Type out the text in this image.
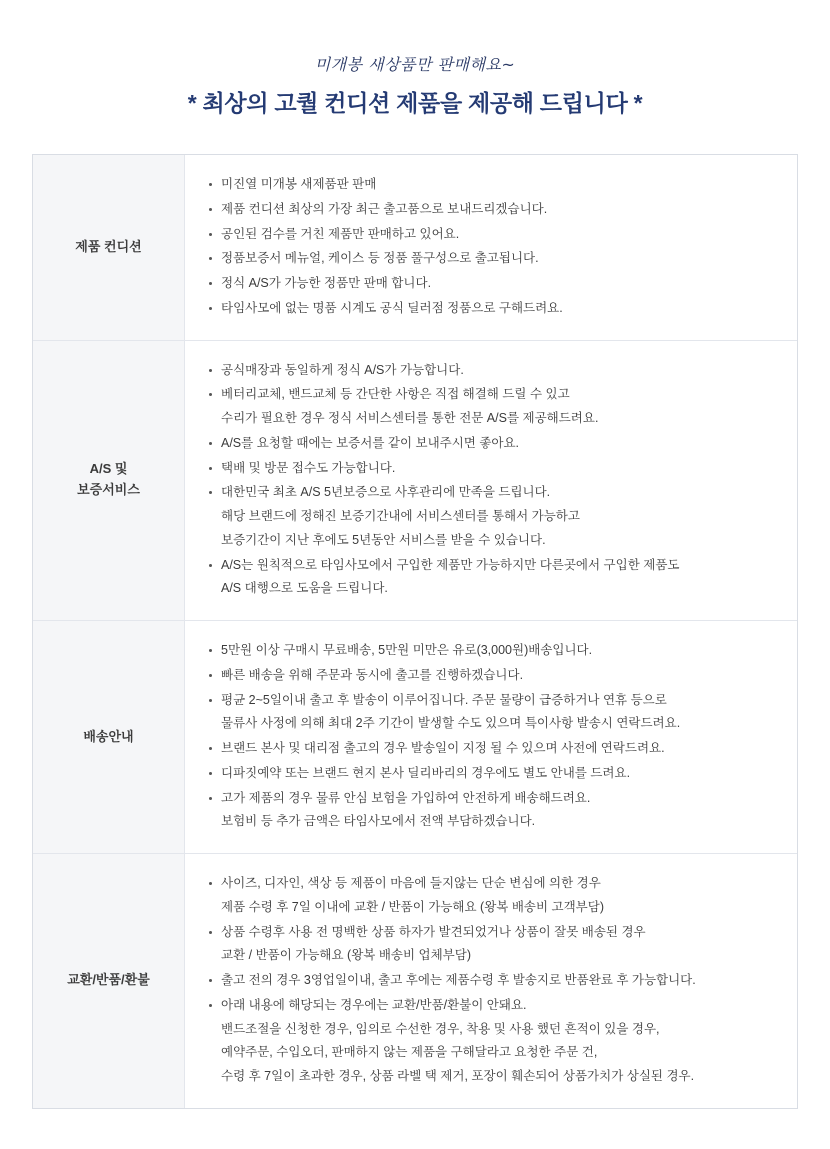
미개봉 새상품만 판매해요~
* 최상의 고퀄 컨디션 제품을 제공해 드립니다 *
제품 컨디션
미진열 미개봉 새제품판 판매
제품 컨디션 최상의 가장 최근 출고품으로 보내드리겠습니다.
공인된 검수를 거친 제품만 판매하고 있어요.
정품보증서 메뉴얼, 케이스 등 정품 풀구성으로 출고됩니다.
정식 A/S가 가능한 정품만 판매 합니다.
타임사모에 없는 명품 시계도 공식 딜러점 정품으로 구해드려요.
A/S 및
보증서비스
공식매장과 동일하게 정식 A/S가 가능합니다.
베터리교체, 밴드교체 등 간단한 사항은 직접 해결해 드릴 수 있고
수리가 필요한 경우 정식 서비스센터를 통한 전문 A/S를 제공해드려요.
A/S를 요청할 때에는 보증서를 같이 보내주시면 좋아요.
택배 및 방문 접수도 가능합니다.
대한민국 최초 A/S 5년보증으로 사후관리에 만족을 드립니다.
해당 브랜드에 정해진 보증기간내에 서비스센터를 통해서 가능하고
보증기간이 지난 후에도 5년동안 서비스를 받을 수 있습니다.
A/S는 원칙적으로 타임사모에서 구입한 제품만 가능하지만 다른곳에서 구입한 제품도
A/S 대행으로 도움을 드립니다.
배송안내
5만원 이상 구매시 무료배송, 5만원 미만은 유로(3,000원)배송입니다.
빠른 배송을 위해 주문과 동시에 출고를 진행하겠습니다.
평균 2~5일이내 출고 후 발송이 이루어집니다. 주문 물량이 급증하거나 연휴 등으로
물류사 사정에 의해 최대 2주 기간이 발생할 수도 있으며 특이사항 발송시 연락드려요.
브랜드 본사 및 대리점 출고의 경우 발송일이 지정 될 수 있으며 사전에 연락드려요.
디파짓예약 또는 브랜드 현지 본사 딜리바리의 경우에도 별도 안내를 드려요.
고가 제품의 경우 물류 안심 보험을 가입하여 안전하게 배송해드려요.
보험비 등 추가 금액은 타임사모에서 전액 부담하겠습니다.
교환/반품/환불
사이즈, 디자인, 색상 등 제품이 마음에 들지않는 단순 변심에 의한 경우
제품 수령 후 7일 이내에 교환 / 반품이 가능해요 (왕복 배송비 고객부담)
상품 수령후 사용 전 명백한 상품 하자가 발견되었거나 상품이 잘못 배송된 경우
교환 / 반품이 가능해요 (왕복 배송비 업체부담)
출고 전의 경우 3영업일이내, 출고 후에는 제품수령 후 발송지로 반품완료 후 가능합니다.
아래 내용에 해당되는 경우에는 교환/반품/환불이 안돼요.
밴드조절을 신청한 경우, 임의로 수선한 경우, 착용 및 사용 했던 흔적이 있을 경우,
예약주문, 수입오더, 판매하지 않는 제품을 구해달라고 요청한 주문 건,
수령 후 7일이 초과한 경우, 상품 라벨 택 제거, 포장이 훼손되어 상품가치가 상실된 경우.
